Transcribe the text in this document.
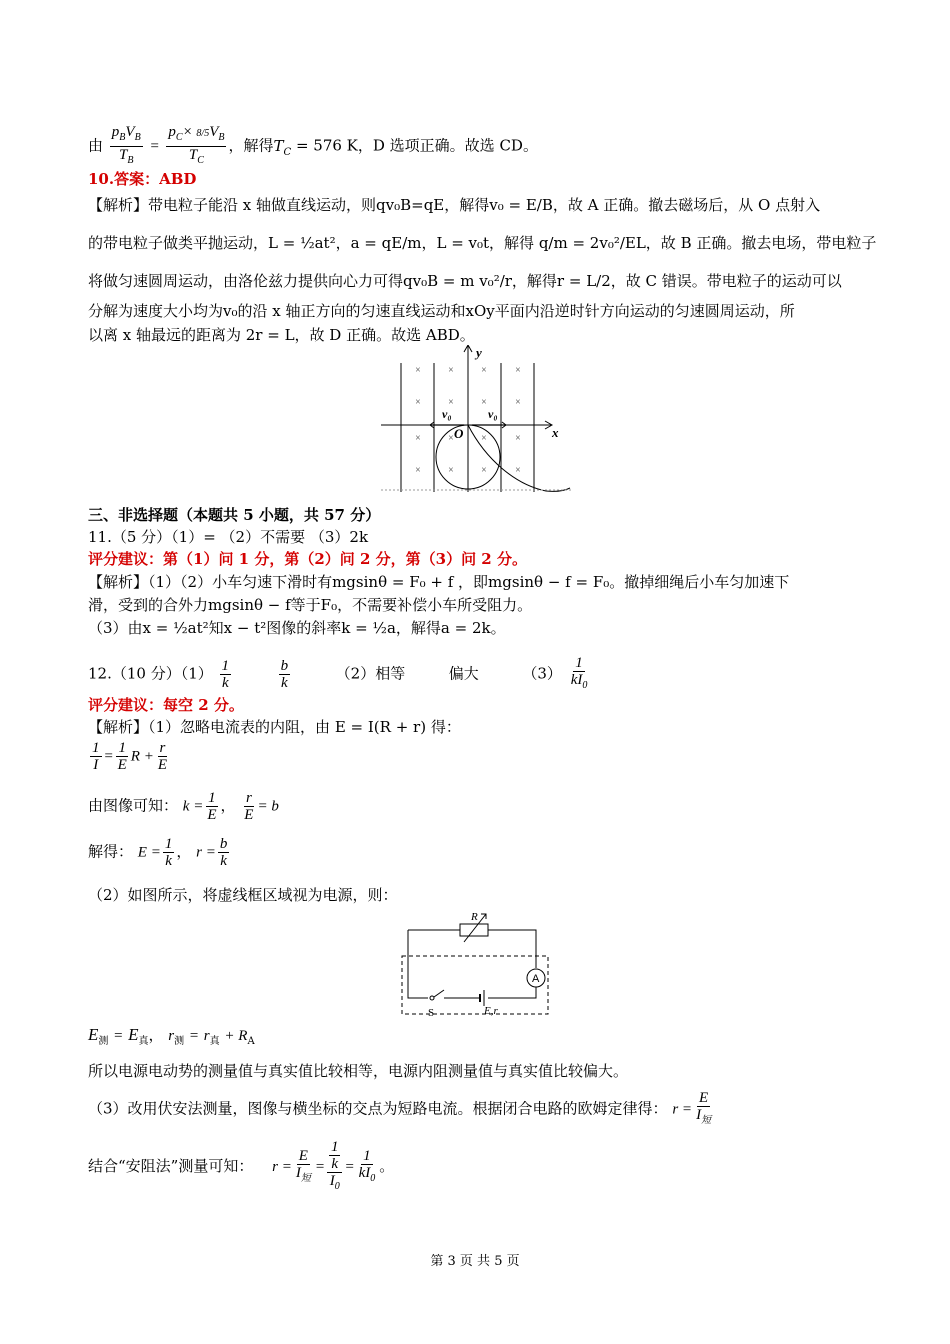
由 $\frac{p_BV_B}{T_B} = \frac{p_C\times 8/5V_B}{T_C}$ ，解得$T_C = 576$ K，D 选项正确。故选 CD。
10.答案：ABD
【解析】带电粒子能沿 x 轴做直线运动，则qv₀B=qE，解得v₀ = E/B，故 A 正确。撤去磁场后，从 O 点射入
的带电粒子做类平抛运动，L = ½at²，a = qE/m，L = v₀t，解得 q/m = 2v₀²/EL，故 B 正确。撤去电场，带电粒子
将做匀速圆周运动，由洛伦兹力提供向心力可得qv₀B = m v₀²/r，解得r = L/2，故 C 错误。带电粒子的运动可以
分解为速度大小均为v₀的沿 x 轴正方向的匀速直线运动和xOy平面内沿逆时针方向运动的匀速圆周运动，所
以离 x 轴最远的距离为 2r = L，故 D 正确。故选 ABD。
×	×	×	×
×	×	×	×
×	×	×	×
×	×	×	×
y
x
O
v₀	v₀
三、非选择题（本题共 5 小题，共 57 分）
11.（5 分）（1）= （2）不需要 （3）2k
评分建议：第（1）问 1 分，第（2）问 2 分，第（3）问 2 分。
【解析】（1）（2）小车匀速下滑时有mgsinθ = F₀ + f ，即mgsinθ − f = F₀。撤掉细绳后小车匀加速下
滑，受到的合外力mgsinθ − f等于F₀，不需要补偿小车所受阻力。
（3）由x = ½at²知x − t²图像的斜率k = ½a，解得a = 2k。
12.（10 分）$(1) \frac{1}{k}$
	$\frac{b}{k}$	（2）相等	偏大	$(3) \frac{1}{kI_0}$
评分建议：每空 2 分。
【解析】（1）忽略电流表的内阻，由 E = I(R + r) 得：
$\frac{1}{I} = \frac{1}{E}$ $R + \frac{r}{E}$
由图像可知： $k = \frac{1}{E}$ ， $\frac{r}{E} = b$
解得： $E = \frac{1}{k}$ ， $r = \frac{b}{k}$
（2）如图所示，将虚线框区域视为电源，则：
R
A
S	E,r
$E_测 = E_真$， $r_测 = r_真 + R_A$
所以电源电动势的测量值与真实值比较相等，电源内阻测量值与真实值比较偏大。
（3）改用伏安法测量，图像与横坐标的交点为短路电流。根据闭合电路的欧姆定律得： $r = \frac{E}{I_短}$
结合“安阻法”测量可知： $r = \frac{E}{I_短} = \frac{\frac{1}{k}}{I_0} = \frac{1}{kI_0}$ 。
第 3 页 共 5 页
